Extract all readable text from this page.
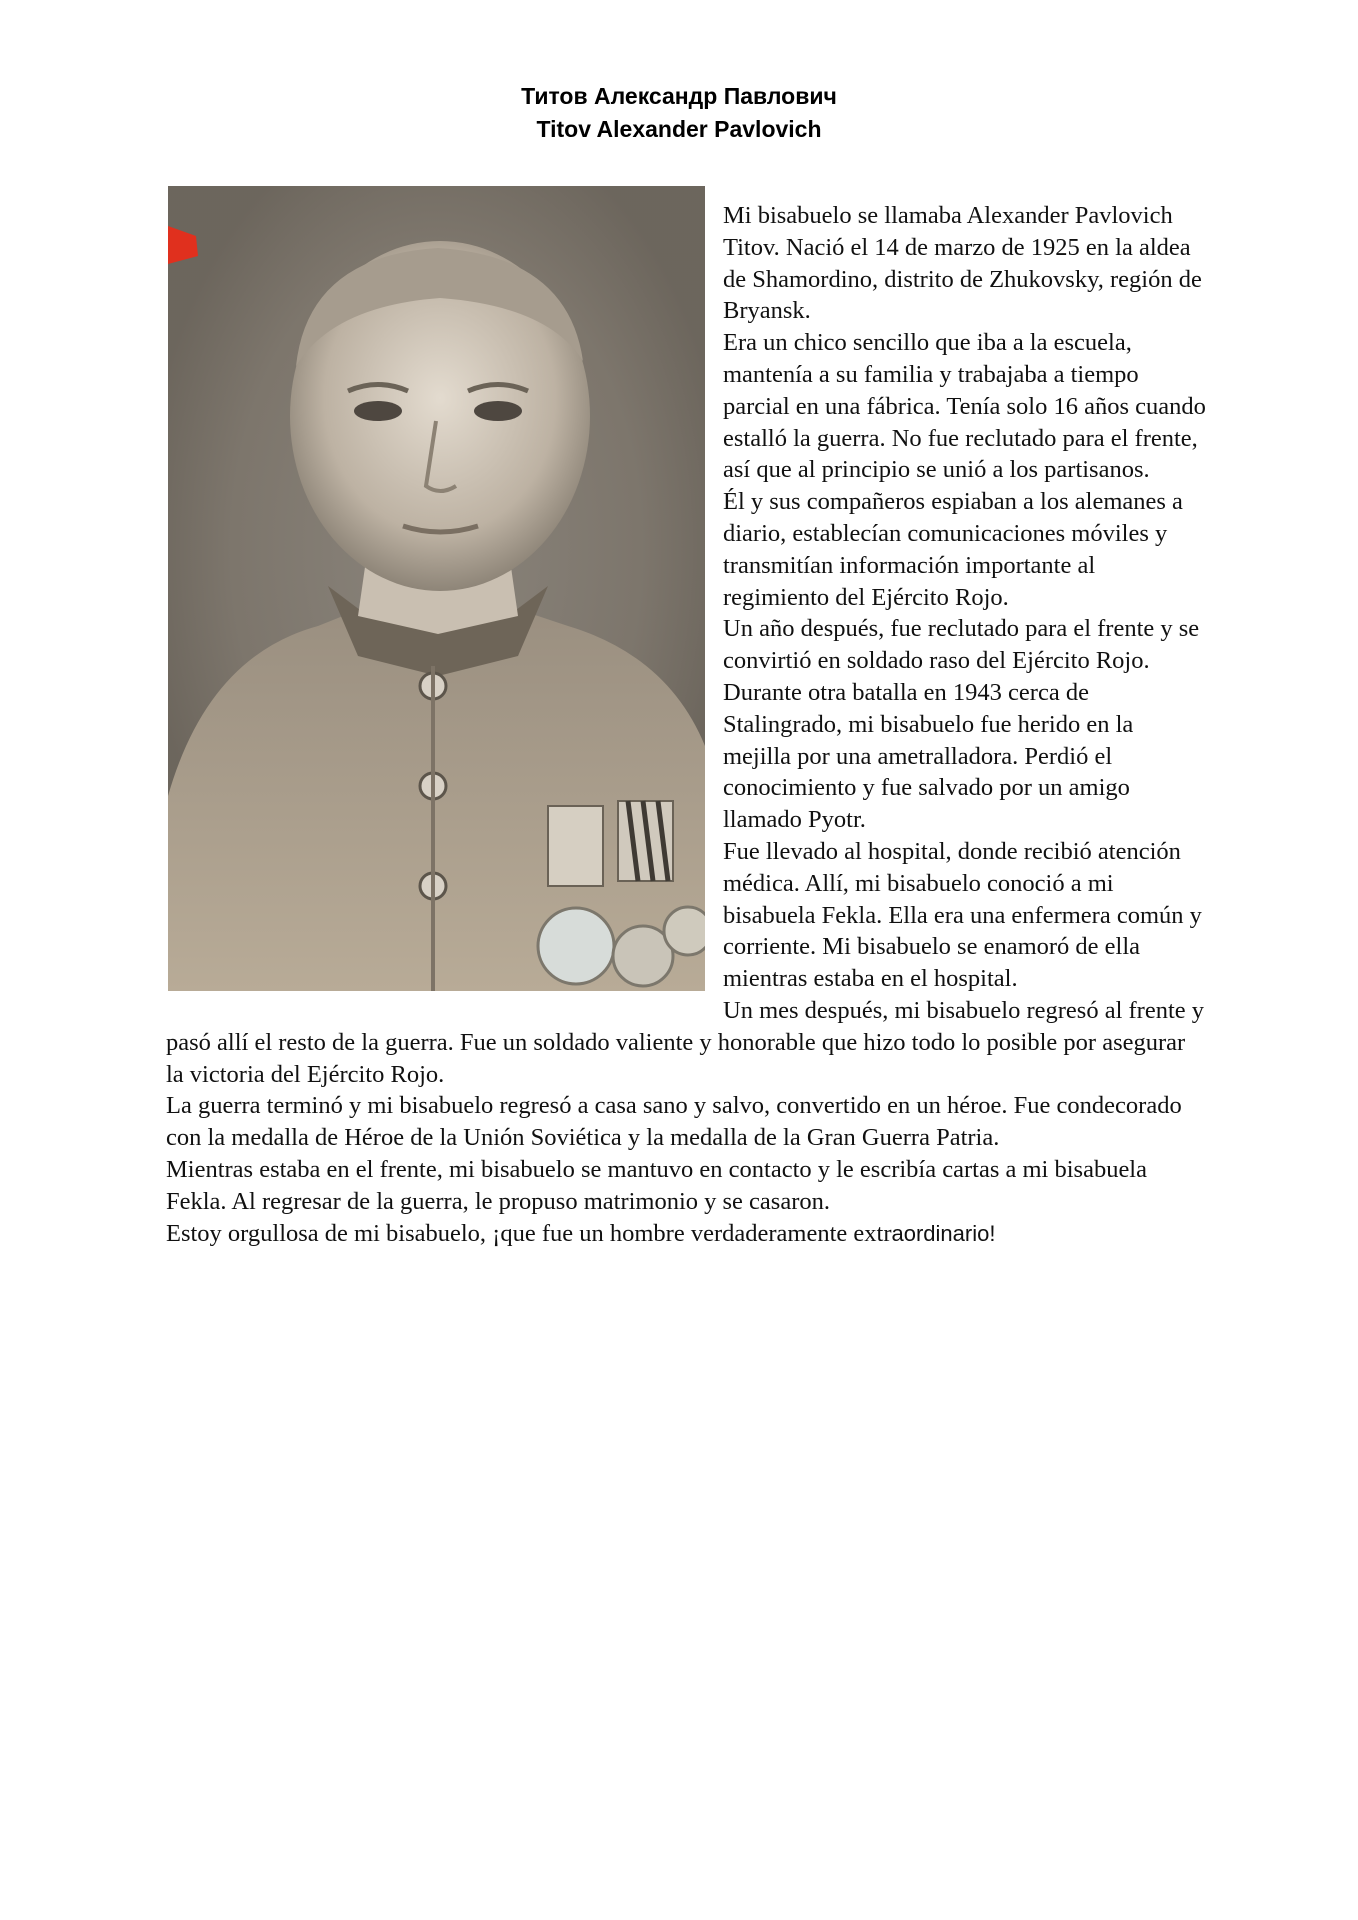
Титов Александр Павлович
Titov Alexander Pavlovich

Mi bisabuelo se llamaba Alexander Pavlovich Titov. Nació el 14 de marzo de 1925 en la aldea de Shamordino, distrito de Zhukovsky, región de Bryansk.

Era un chico sencillo que iba a la escuela, mantenía a su familia y trabajaba a tiempo parcial en una fábrica. Tenía solo 16 años cuando estalló la guerra. No fue reclutado para el frente, así que al principio se unió a los partisanos.

Él y sus compañeros espiaban a los alemanes a diario, establecían comunicaciones móviles y transmitían información importante al regimiento del Ejército Rojo.

Un año después, fue reclutado para el frente y se convirtió en soldado raso del Ejército Rojo.

Durante otra batalla en 1943 cerca de Stalingrado, mi bisabuelo fue herido en la mejilla por una ametralladora. Perdió el conocimiento y fue salvado por un amigo llamado Pyotr.

Fue llevado al hospital, donde recibió atención médica. Allí, mi bisabuelo conoció a mi bisabuela Fekla. Ella era una enfermera común y corriente. Mi bisabuelo se enamoró de ella mientras estaba en el hospital.

Un mes después, mi bisabuelo regresó al frente y pasó allí el resto de la guerra. Fue un soldado valiente y honorable que hizo todo lo posible por asegurar la victoria del Ejército Rojo.

La guerra terminó y mi bisabuelo regresó a casa sano y salvo, convertido en un héroe. Fue condecorado con la medalla de Héroe de la Unión Soviética y la medalla de la Gran Guerra Patria.

Mientras estaba en el frente, mi bisabuelo se mantuvo en contacto y le escribía cartas a mi bisabuela Fekla. Al regresar de la guerra, le propuso matrimonio y se casaron.

Estoy orgullosa de mi bisabuelo, ¡que fue un hombre verdaderamente extraordinario!
